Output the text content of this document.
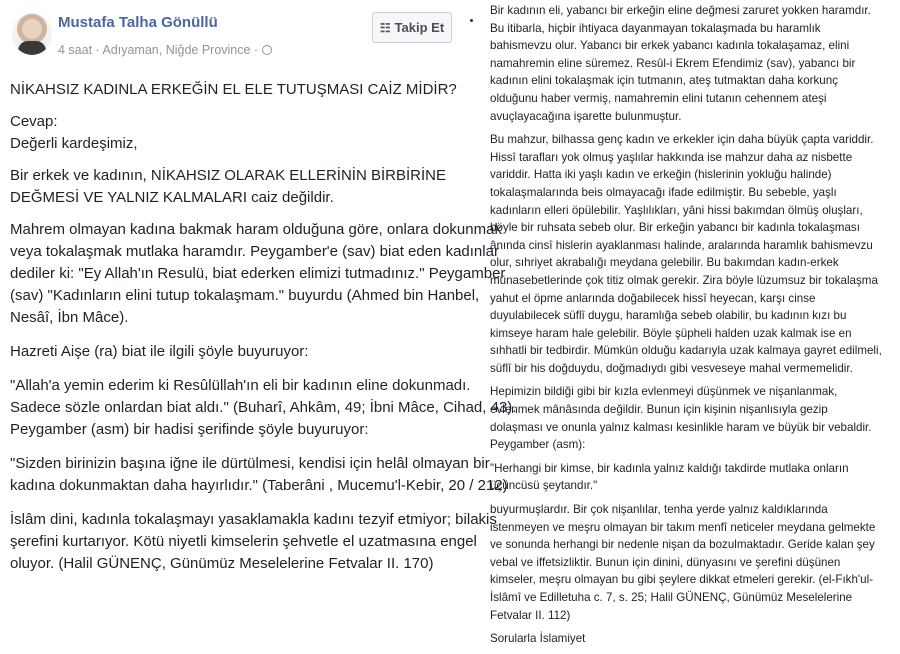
Mustafa Talha Gönüllü
4 saat · Adıyaman, Niğde Province ·
☷ Takip Et
NİKAHSIZ KADINLA ERKEĞİN EL ELE TUTUŞMASI CAİZ MİDİR?
Cevap:
Değerli kardeşimiz,
Bir erkek ve kadının, NİKAHSIZ OLARAK ELLERİNİN BİRBİRİNE
DEĞMESİ VE YALNIZ KALMALARI caiz değildir.
Mahrem olmayan kadına bakmak haram olduğuna göre, onlara dokunmak
veya tokalaşmak mutlaka haramdır. Peygamber'e (sav) biat eden kadınlar
dediler ki: "Ey Allah'ın Resulü, biat ederken elimizi tutmadınız." Peygamber
(sav) "Kadınların elini tutup tokalaşmam." buyurdu (Ahmed bin Hanbel,
Nesâî, İbn Mâce).
Hazreti Aişe (ra) biat ile ilgili şöyle buyuruyor:
"Allah'a yemin ederim ki Resûlüllah'ın eli bir kadının eline dokunmadı.
Sadece sözle onlardan biat aldı." (Buharî, Ahkâm, 49; İbni Mâce, Cihad, 43).
Peygamber (asm) bir hadisi şerifinde şöyle buyuruyor:
"Sizden birinizin başına iğne ile dürtülmesi, kendisi için helâl olmayan bir
kadına dokunmaktan daha hayırlıdır." (Taberâni , Mucemu'l-Kebir, 20 / 212)
İslâm dini, kadınla tokalaşmayı yasaklamakla kadını tezyif etmiyor; bilakis
şerefini kurtarıyor. Kötü niyetli kimselerin şehvetle el uzatmasına engel
oluyor. (Halil GÜNENÇ, Günümüz Meselelerine Fetvalar II. 170)
Bir kadının eli, yabancı bir erkeğin eline değmesi zaruret yokken haramdır.
Bu itibarla, hiçbir ihtiyaca dayanmayan tokalaşmada bu haramlık
bahismevzu olur. Yabancı bir erkek yabancı kadınla tokalaşamaz, elini
namahremin eline süremez. Resûl-i Ekrem Efendimiz (sav), yabancı bir
kadının elini tokalaşmak için tutmanın, ateş tutmaktan daha korkunç
olduğunu haber vermiş, namahremin elini tutanın cehennem ateşi
avuçlayacağına işarette bulunmuştur.
Bu mahzur, bilhassa genç kadın ve erkekler için daha büyük çapta variddir.
Hissî tarafları yok olmuş yaşlılar hakkında ise mahzur daha az nisbette
variddir. Hatta iki yaşlı kadın ve erkeğin (hislerinin yokluğu halinde)
tokalaşmalarında beis olmayacağı ifade edilmiştir. Bu sebeble, yaşlı
kadınların elleri öpülebilir. Yaşlılıkları, yâni hissi bakımdan ölmüş oluşları,
böyle bir ruhsata sebeb olur. Bir erkeğin yabancı bir kadınla tokalaşması
ânında cinsî hislerin ayaklanması halinde, aralarında haramlık bahismevzu
olur, sıhriyet akrabalığı meydana gelebilir. Bu bakımdan kadın-erkek
münasebetlerinde çok titiz olmak gerekir. Zira böyle lüzumsuz bir tokalaşma
yahut el öpme anlarında doğabilecek hissî heyecan, karşı cinse
duyulabilecek süflî duygu, haramlığa sebeb olabilir, bu kadının kızı bu
kimseye haram hale gelebilir. Böyle şüpheli halden uzak kalmak ise en
sıhhatli bir tedbirdir. Mümkün olduğu kadarıyla uzak kalmaya gayret edilmeli,
süflî bir his doğduydu, doğmadıydı gibi vesveseye mahal vermemelidir.
Hepimizin bildiği gibi bir kızla evlenmeyi düşünmek ve nişanlanmak,
evlenmek mânâsında değildir. Bunun için kişinin nişanlısıyla gezip
dolaşması ve onunla yalnız kalması kesinlikle haram ve büyük bir vebaldir.
Peygamber (asm):
"Herhangi bir kimse, bir kadınla yalnız kaldığı takdirde mutlaka onların
üçüncüsü şeytandır."
buyurmuşlardır. Bir çok nişanlılar, tenha yerde yalnız kaldıklarında
istenmeyen ve meşru olmayan bir takım menfî neticeler meydana gelmekte
ve sonunda herhangi bir nedenle nişan da bozulmaktadır. Geride kalan şey
vebal ve iffetsizliktir. Bunun için dinini, dünyasını ve şerefini düşünen
kimseler, meşru olmayan bu gibi şeylere dikkat etmeleri gerekir. (el-Fıkh'ul-
İslâmî ve Edilletuha c. 7, s. 25; Halil GÜNENÇ, Günümüz Meselelerine
Fetvalar II. 112)
Sorularla İslamiyet
